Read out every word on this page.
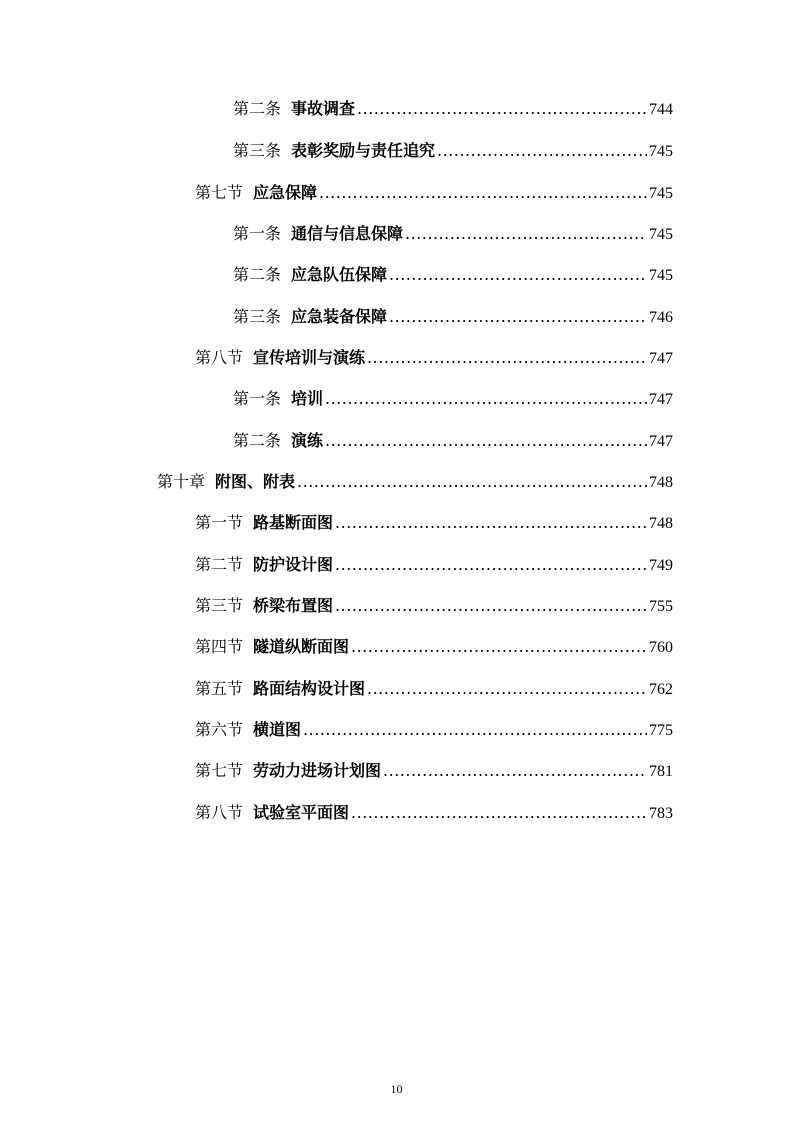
第二条 事故调查 .....	744
第三条 表彰奖励与责任追究 .....	745
第七节 应急保障 .....	745
第一条 通信与信息保障 .....	745
第二条 应急队伍保障 .....	745
第三条 应急装备保障 .....	746
第八节 宣传培训与演练 .....	747
第一条 培训 .....	747
第二条 演练 .....	747
第十章 附图、附表 .....	748
第一节 路基断面图 .....	748
第二节 防护设计图 .....	749
第三节 桥梁布置图 .....	755
第四节 隧道纵断面图 .....	760
第五节 路面结构设计图 .....	762
第六节 横道图 .....	775
第七节 劳动力进场计划图 .....	781
第八节 试验室平面图 .....	783
10
